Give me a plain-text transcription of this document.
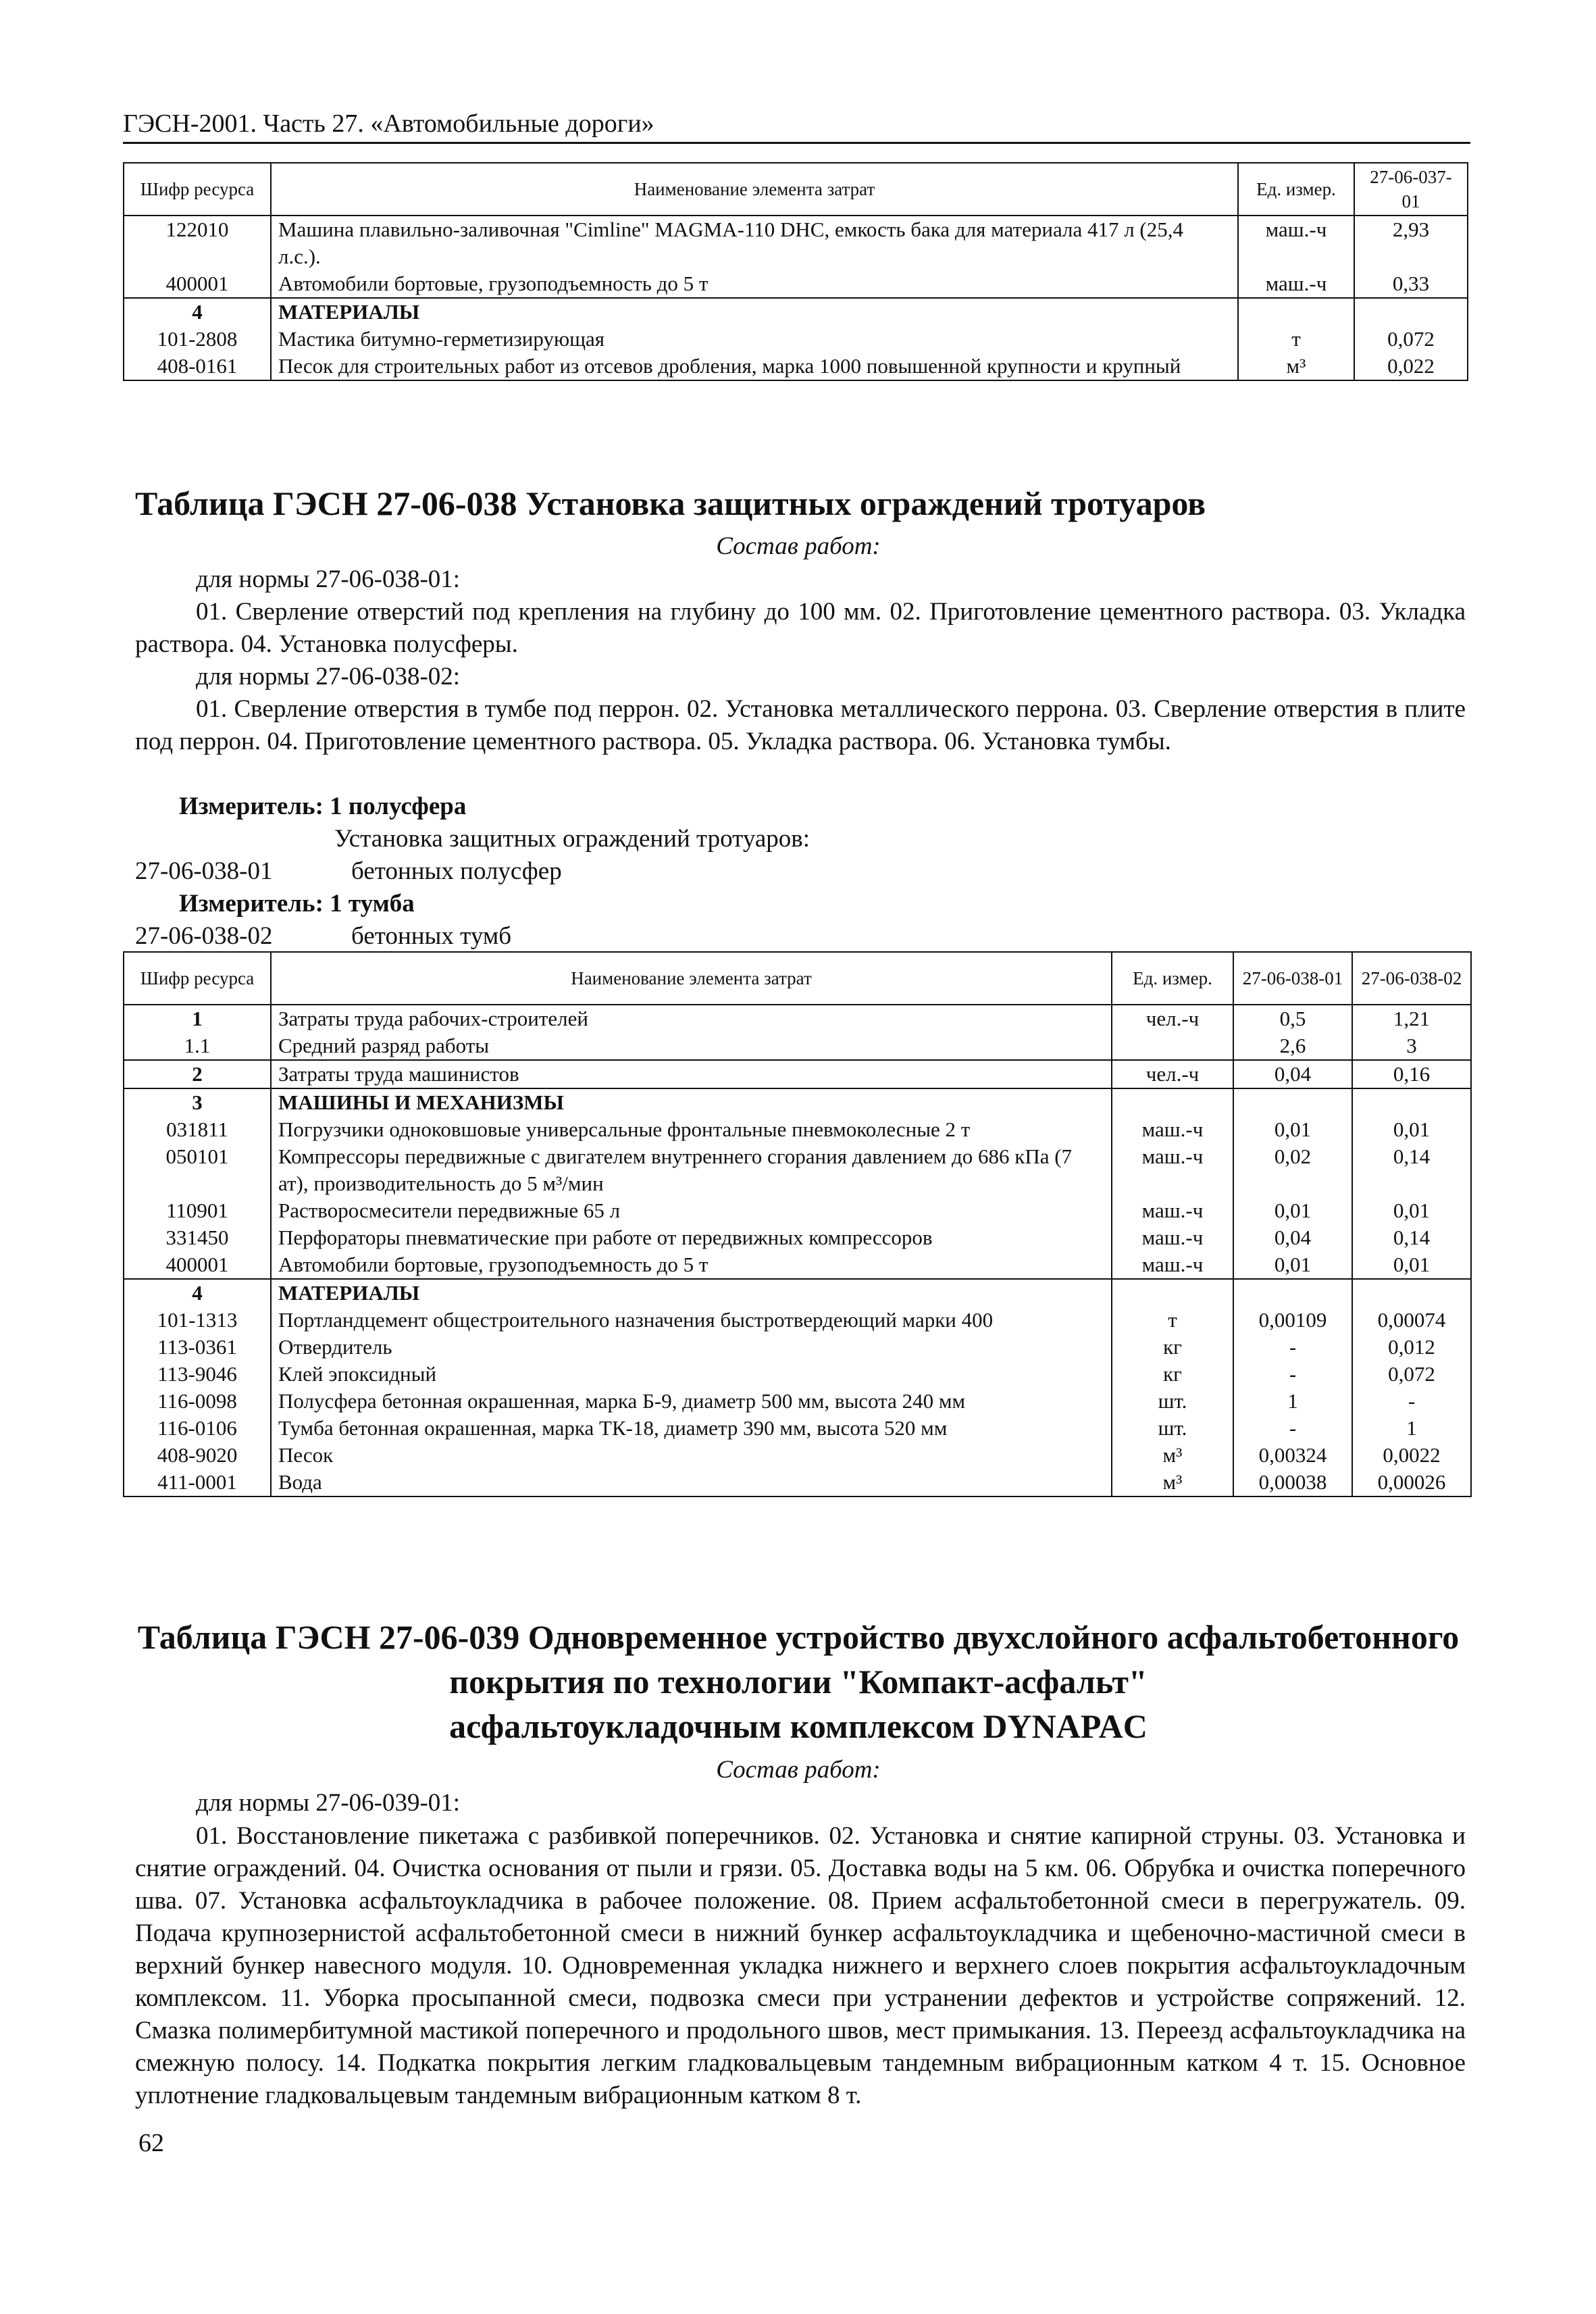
ГЭСН-2001. Часть 27. «Автомобильные дороги»
Шифр ресурса	Наименование элемента затрат	Ед. измер.	27-06-037-01
122010	Машина плавильно-заливочная "Cimline" MAGMA-110 DHC, емкость бака для материала 417 л (25,4 л.с.).	маш.-ч	2,93
400001	Автомобили бортовые, грузоподъемность до 5 т	маш.-ч	0,33
4	МАТЕРИАЛЫ		
101-2808	Мастика битумно-герметизирующая	т	0,072
408-0161	Песок для строительных работ из отсевов дробления, марка 1000 повышенной крупности и крупный	м³	0,022
Таблица ГЭСН 27-06-038 Установка защитных ограждений тротуаров
Состав работ:
для нормы 27-06-038-01:
01. Сверление отверстий под крепления на глубину до 100 мм. 02. Приготовление цементного раствора. 03. Укладка раствора. 04. Установка полусферы.
для нормы 27-06-038-02:
01. Сверление отверстия в тумбе под перрон. 02. Установка металлического перрона. 03. Сверление отверстия в плите под перрон. 04. Приготовление цементного раствора. 05. Укладка раствора. 06. Установка тумбы.
Измеритель: 1 полусфера
Установка защитных ограждений тротуаров:
27-06-038-01	бетонных полусфер
Измеритель: 1 тумба
27-06-038-02	бетонных тумб
Шифр ресурса	Наименование элемента затрат	Ед. измер.	27-06-038-01	27-06-038-02
1	Затраты труда рабочих-строителей	чел.-ч	0,5	1,21
1.1	Средний разряд работы		2,6	3
2	Затраты труда машинистов	чел.-ч	0,04	0,16
3	МАШИНЫ И МЕХАНИЗМЫ			
031811	Погрузчики одноковшовые универсальные фронтальные пневмоколесные 2 т	маш.-ч	0,01	0,01
050101	Компрессоры передвижные с двигателем внутреннего сгорания давлением до 686 кПа (7 ат), производительность до 5 м³/мин	маш.-ч	0,02	0,14
110901	Растворосмесители передвижные 65 л	маш.-ч	0,01	0,01
331450	Перфораторы пневматические при работе от передвижных компрессоров	маш.-ч	0,04	0,14
400001	Автомобили бортовые, грузоподъемность до 5 т	маш.-ч	0,01	0,01
4	МАТЕРИАЛЫ			
101-1313	Портландцемент общестроительного назначения быстротвердеющий марки 400	т	0,00109	0,00074
113-0361	Отвердитель	кг	-	0,012
113-9046	Клей эпоксидный	кг	-	0,072
116-0098	Полусфера бетонная окрашенная, марка Б-9, диаметр 500 мм, высота 240 мм	шт.	1	-
116-0106	Тумба бетонная окрашенная, марка ТК-18, диаметр 390 мм, высота 520 мм	шт.	-	1
408-9020	Песок	м³	0,00324	0,0022
411-0001	Вода	м³	0,00038	0,00026
Таблица ГЭСН 27-06-039 Одновременное устройство двухслойного асфальтобетонного
покрытия по технологии "Компакт-асфальт"
асфальтоукладочным комплексом DYNAPAC
Состав работ:
для нормы 27-06-039-01:
01. Восстановление пикетажа с разбивкой поперечников. 02. Установка и снятие капирной струны. 03. Установка и снятие ограждений. 04. Очистка основания от пыли и грязи. 05. Доставка воды на 5 км. 06. Обрубка и очистка поперечного шва. 07. Установка асфальтоукладчика в рабочее положение. 08. Прием асфальтобетонной смеси в перегружатель. 09. Подача крупнозернистой асфальтобетонной смеси в нижний бункер асфальтоукладчика и щебеночно-мастичной смеси в верхний бункер навесного модуля. 10. Одновременная укладка нижнего и верхнего слоев покрытия асфальтоукладочным комплексом. 11. Уборка просыпанной смеси, подвозка смеси при устранении дефектов и устройстве сопряжений. 12. Смазка полимербитумной мастикой поперечного и продольного швов, мест примыкания. 13. Переезд асфальтоукладчика на смежную полосу. 14. Подкатка покрытия легким гладковальцевым тандемным вибрационным катком 4 т. 15. Основное уплотнение гладковальцевым тандемным вибрационным катком 8 т.
62
